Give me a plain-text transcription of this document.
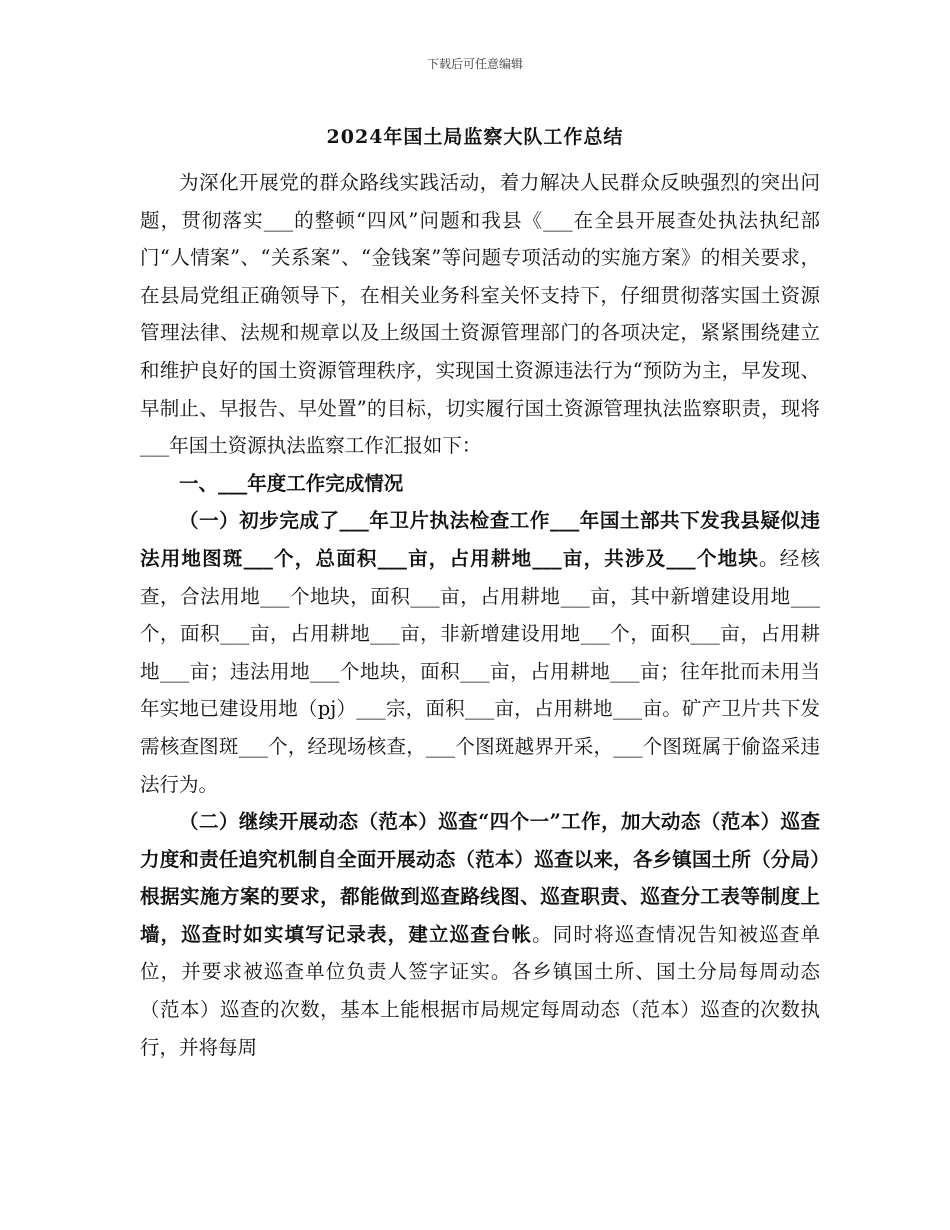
下载后可任意编辑
2024年国土局监察大队工作总结

为深化开展党的群众路线实践活动，着力解决人民群众反映强烈的突出问题，贯彻落实___的整顿“四风”问题和我县《___在全县开展查处执法执纪部门“人情案”、“关系案”、“金钱案”等问题专项活动的实施方案》的相关要求，在县局党组正确领导下，在相关业务科室关怀支持下，仔细贯彻落实国土资源管理法律、法规和规章以及上级国土资源管理部门的各项决定，紧紧围绕建立和维护良好的国土资源管理秩序，实现国土资源违法行为“预防为主，早发现、早制止、早报告、早处置”的目标，切实履行国土资源管理执法监察职责，现将___年国土资源执法监察工作汇报如下：

一、___年度工作完成情况

（一）初步完成了___年卫片执法检查工作___年国土部共下发我县疑似违法用地图斑___个，总面积___亩，占用耕地___亩，共涉及___个地块。经核查，合法用地___个地块，面积___亩，占用耕地___亩，其中新增建设用地___个，面积___亩，占用耕地___亩，非新增建设用地___个，面积___亩，占用耕地___亩；违法用地___个地块，面积___亩，占用耕地___亩；往年批而未用当年实地已建设用地（pj）___宗，面积___亩，占用耕地___亩。矿产卫片共下发需核查图斑___个，经现场核查，___个图斑越界开采，___个图斑属于偷盗采违法行为。

（二）继续开展动态（范本）巡查“四个一”工作，加大动态（范本）巡查力度和责任追究机制自全面开展动态（范本）巡查以来，各乡镇国土所（分局）根据实施方案的要求，都能做到巡查路线图、巡查职责、巡查分工表等制度上墙，巡查时如实填写记录表，建立巡查台帐。同时将巡查情况告知被巡查单位，并要求被巡查单位负责人签字证实。各乡镇国土所、国土分局每周动态（范本）巡查的次数，基本上能根据市局规定每周动态（范本）巡查的次数执行，并将每周
